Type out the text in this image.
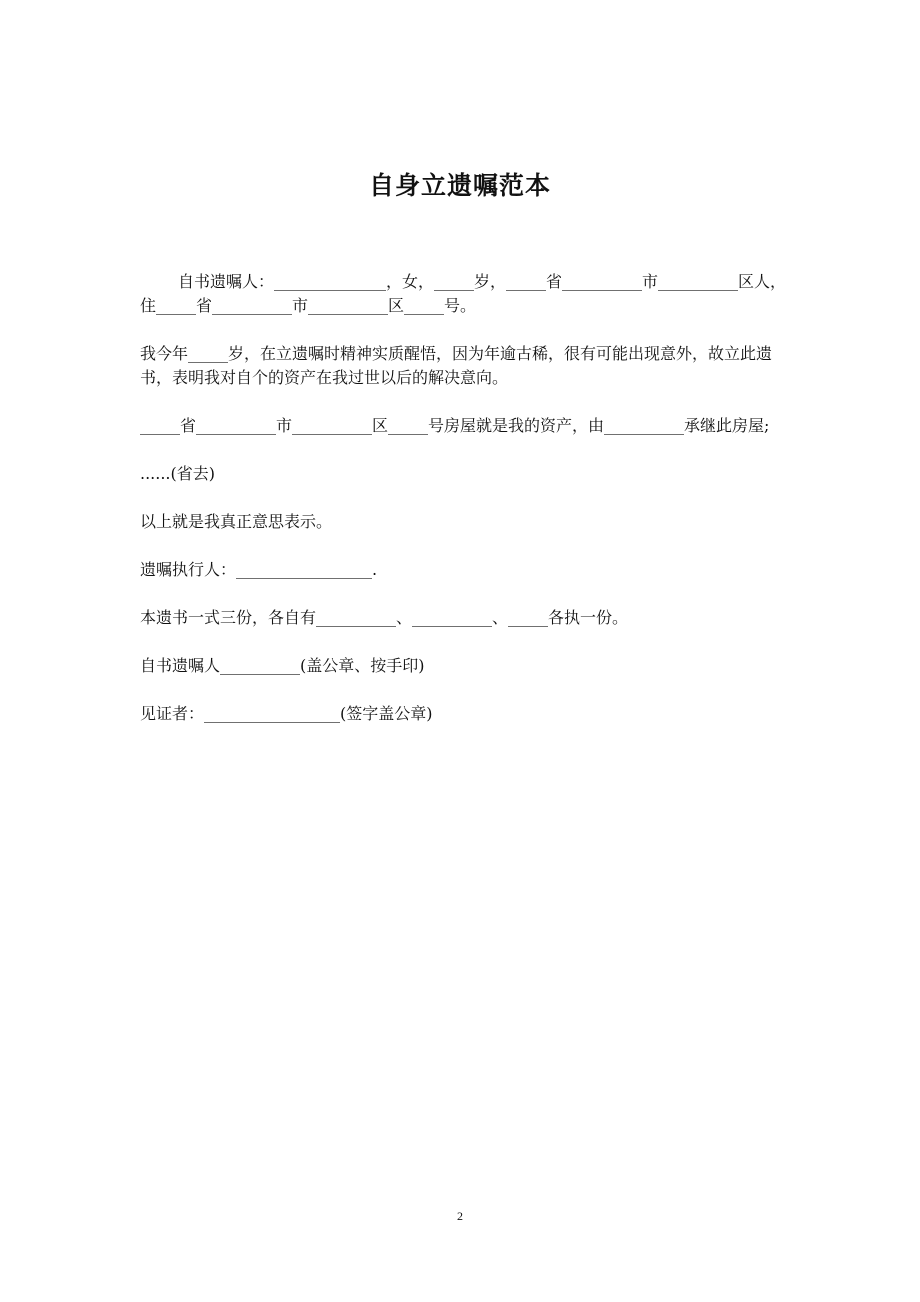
自身立遗嘱范本

自书遗嘱人：______________，女，_____岁，_____省__________市__________区人，住_____省__________市__________区_____号。

我今年_____岁，在立遗嘱时精神实质醒悟，因为年逾古稀，很有可能出现意外，故立此遗书，表明我对自个的资产在我过世以后的解决意向。

_____省__________市__________区_____号房屋就是我的资产，由__________承继此房屋;

......(省去)

以上就是我真正意思表示。

遗嘱执行人：_________________.

本遗书一式三份，各自有__________、__________、_____各执一份。

自书遗嘱人__________(盖公章、按手印)

见证者：_________________(签字盖公章)

2
